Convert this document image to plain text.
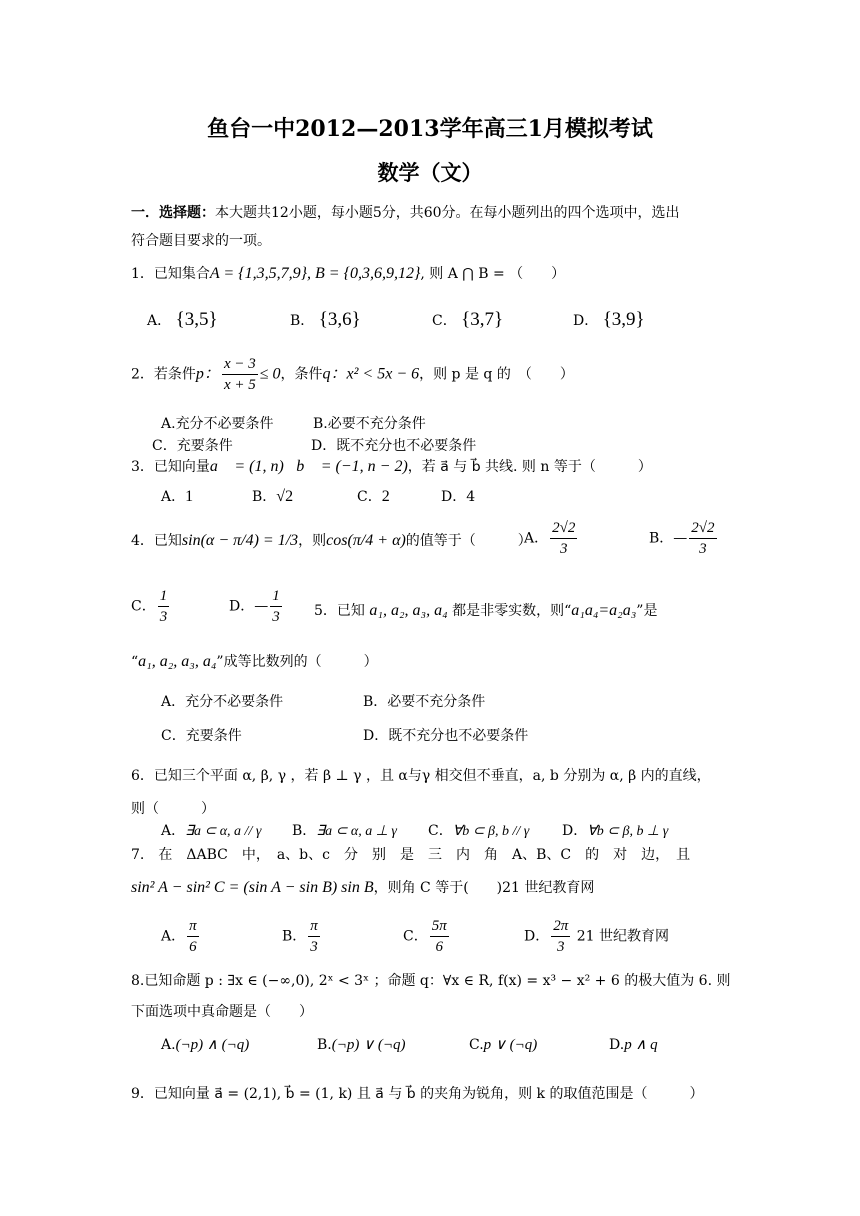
鱼台一中2012—2013学年高三1月模拟考试
数学（文）
一．选择题：本大题共12小题，每小题5分，共60分。在每小题列出的四个选项中，选出
符合题目要求的一项。
1．已知集合A = {1,3,5,7,9}, B = {0,3,6,9,12}, 则 A ⋂ B = （　　）
A． {3,5}	B． {3,6}	C． {3,7}	D． {3,9}
2．若条件p： $\frac{x - 3}{x + 5} \le 0$，条件q：x² < 5x − 6，则 p 是 q 的　（　　）
A.充分不必要条件	B.必要不充分条件
C．充要条件	D．既不充分也不必要条件
3．已知向量a⃗ = (1, n)，b⃗ = (−1, n − 2)，若 a⃗ 与 b⃗ 共线. 则 n 等于（　　　）
A．1	B．√2	C．2	D．4
4．已知sin(α − π/4) = 1/3，则cos(π/4 + α)的值等于（　　　）
A． $\frac{2√2}{3}$	B．— $\frac{2√2}{3}$
C． $\frac{1}{3}$	D．— $\frac{1}{3} 5$．已知 a₁, a₂, a₃, a₄ 都是非零实数，则“a₁a₄=a₂a₃”是
“a₁, a₂, a₃, a₄”成等比数列的（　　　）
A．充分不必要条件	B．必要不充分条件
C．充要条件	D．既不充分也不必要条件
6．已知三个平面 α, β, γ ，若 β ⊥ γ ，且 α与γ 相交但不垂直，a, b 分别为 α, β 内的直线，
则（　　　）
A．∃a ⊂ α, a // γ B．∃a ⊂ α, a ⊥ γ C．∀b ⊂ β, b // γ D．∀b ⊂ β, b ⊥ γ
7.　在　ΔABC　中，　a、b、c　分　别　是　三　内　角　A、B、C　的　对　边，　且
sin² A − sin² C = (sin A − sin B) sin B，则角 C 等于(　　)21 世纪教育网
A． $\frac{\pi}{6}$	B． $\frac{\pi}{3}$	C． $\frac{5\pi}{6}$	D． $\frac{2\pi}{3} 21$ 世纪教育网
8.已知命题 p : ∃x ∈ (−∞,0), 2ˣ < 3ˣ ；命题 q：∀x ∈ R, f(x) = x³ − x² + 6 的极大值为 6. 则
下面选项中真命题是（　　）
A.(¬p) ∧ (¬q)	B.(¬p) ∨ (¬q)	C.p ∨ (¬q)	D.p ∧ q
9．已知向量 a⃗ = (2,1), b⃗ = (1, k) 且 a⃗ 与 b⃗ 的夹角为锐角，则 k 的取值范围是（　　　）
